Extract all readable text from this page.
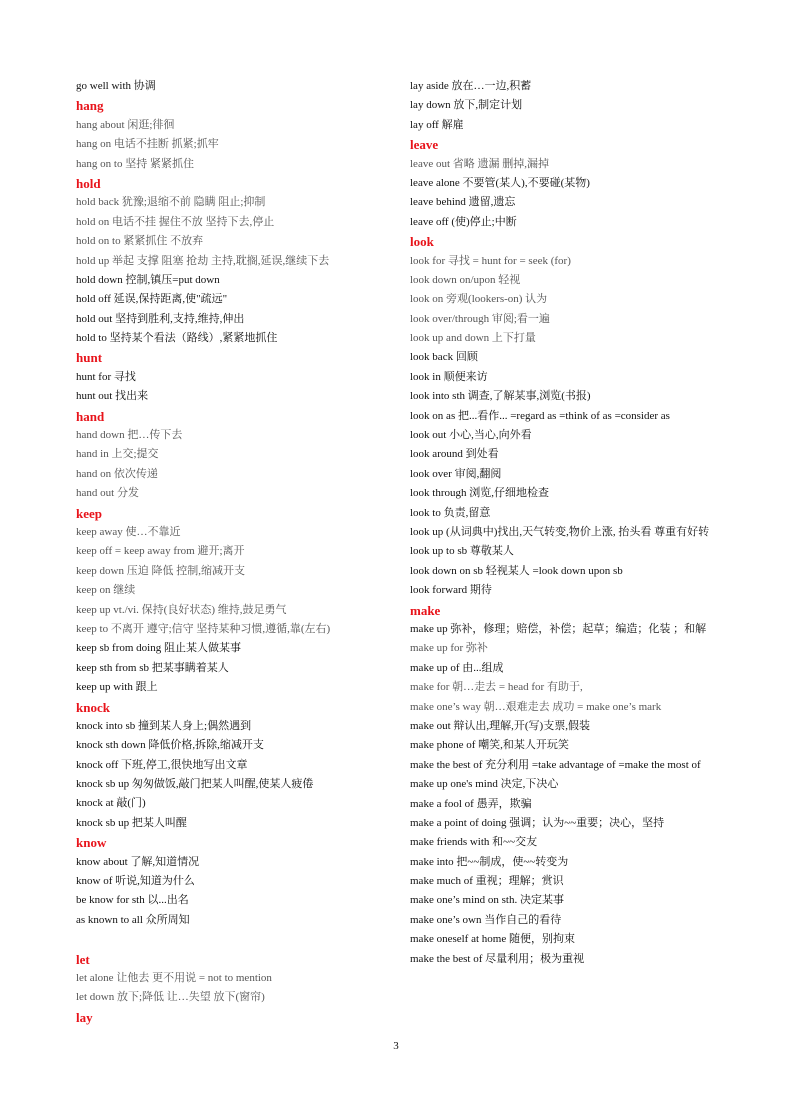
go well with 协调
hang
hang about 闲逛;徘徊
hang on 电话不挂断 抓紧;抓牢
hang on to 坚持 紧紧抓住
hold
hold back 犹豫;退缩不前 隐瞒 阻止;抑制
hold on 电话不挂 握住不放 坚持下去,停止
hold on to 紧紧抓住 不放弃
hold up 举起 支撑 阻塞 抢劫 主持,耽搁,延误,继续下去
hold down 控制,镇压=put down
hold off 延误,保持距离,使"疏远"
hold out 坚持到胜利,支持,维持,伸出
hold to 坚持某个看法（路线）,紧紧地抓住
hunt
hunt for 寻找
hunt out 找出来
hand
hand down 把…传下去
hand in 上交;提交
hand on 依次传递
hand out 分发
keep
keep away 使…不靠近
keep off = keep away from 避开;离开
keep down 压迫 降低 控制,缩减开支
keep on 继续
keep up vt./vi. 保持(良好状态) 维持,鼓足勇气
keep to 不离开 遵守;信守 坚持某种习惯,遵循,靠(左右)
keep sb from doing 阻止某人做某事
keep sth from sb 把某事瞒着某人
keep up with 跟上
knock
knock into sb 撞到某人身上;偶然遇到
knock sth down 降低价格,拆除,缩减开支
knock off 下班,停工,很快地写出文章
knock sb up 匆匆做饭,敲门把某人叫醒,使某人疲倦
knock at 敲(门)
knock sb up 把某人叫醒
know
know about 了解,知道情况
know of 听说,知道为什么
be know for sth 以...出名
as known to all 众所周知
let
let alone 让他去 更不用说 = not to mention
let down 放下;降低 让…失望 放下(窗帘)
lay
lay aside 放在…一边,积蓄
lay down 放下,制定计划
lay off 解雇
leave
leave out 省略 遗漏 删掉,漏掉
leave alone 不要管(某人),不要碰(某物)
leave behind 遗留,遗忘
leave off (使)停止;中断
look
look for 寻找 = hunt for = seek (for)
look down on/upon 轻视
look on 旁观(lookers-on) 认为
look over/through 审阅;看一遍
look up and down 上下打量
look back 回顾
look in 顺便来访
look into sth 调查,了解某事,浏览(书报)
look on as 把...看作... =regard as =think of as =consider as
look out 小心,当心,向外看
look around 到处看
look over 审阅,翻阅
look through 浏览,仔细地检查
look to 负责,留意
look up (从词典中)找出,天气转变,物价上涨, 抬头看 尊重有好转
look up to sb 尊敬某人
look down on sb 轻视某人 =look down upon sb
look forward 期待
make
make up 弥补，修理；赔偿，补偿；起草；编造；化装 ；和解
make up for 弥补
make up of 由...组成
make for 朝…走去 = head for 有助于,
make one’s way 朝…艰难走去 成功 = make one’s mark
make out 辩认出,理解,开(写)支票,假装
make phone of 嘲笑,和某人开玩笑
make the best of 充分利用 =take advantage of =make the most of
make up one's mind 决定,下决心
make a fool of 愚弄，欺骗
make a point of doing 强调；认为~~重要；决心，坚持
make friends with 和~~交友
make into 把~~制成，使~~转变为
make much of 重视；理解；赏识
make one’s mind on sth. 决定某事
make one’s own 当作自己的看待
make oneself at home 随便，别拘束
make the best of 尽量利用；极为重视
3
